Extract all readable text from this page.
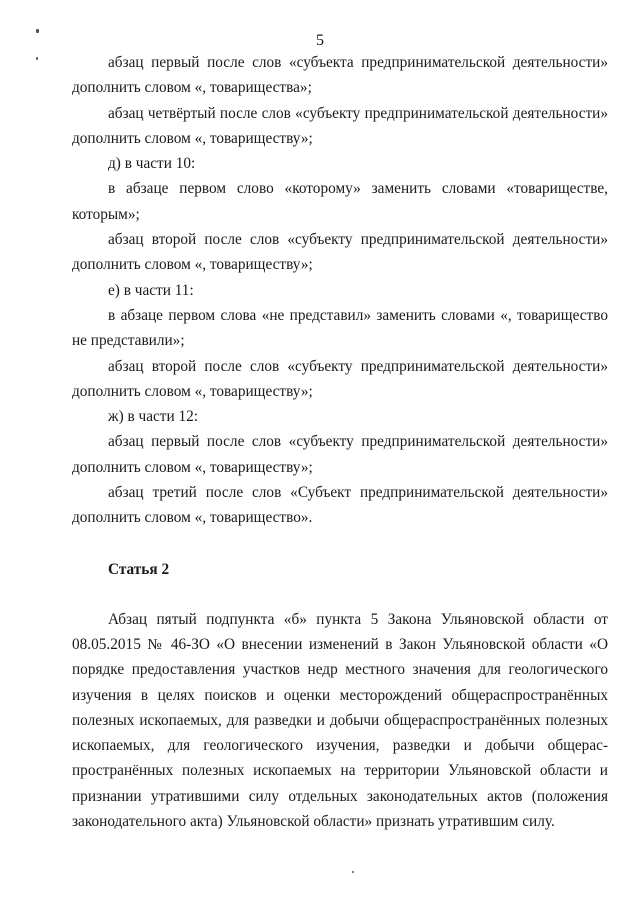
5

абзац первый после слов «субъекта предпринимательской деятельности» дополнить словом «, товарищества»;

абзац четвёртый после слов «субъекту предпринимательской деятельности» дополнить словом «, товариществу»;

д) в части 10:

в абзаце первом слово «которому» заменить словами «товариществе, которым»;

абзац второй после слов «субъекту предпринимательской деятельности» дополнить словом «, товариществу»;

е) в части 11:

в абзаце первом слова «не представил» заменить словами «, товарищество не представили»;

абзац второй после слов «субъекту предпринимательской деятельности» дополнить словом «, товариществу»;

ж) в части 12:

абзац первый после слов «субъекту предпринимательской деятельности» дополнить словом «, товариществу»;

абзац третий после слов «Субъект предпринимательской деятельности» дополнить словом «, товарищество».

Статья 2

Абзац пятый подпункта «б» пункта 5 Закона Ульяновской области от 08.05.2015 № 46-ЗО «О внесении изменений в Закон Ульяновской области «О порядке предоставления участков недр местного значения для геологического изучения в целях поисков и оценки месторождений общераспространённых полезных ископаемых, для разведки и добычи общераспространённых полезных ископаемых, для геологического изучения, разведки и добычи общерас-пространённых полезных ископаемых на территории Ульяновской области и признании утратившими силу отдельных законодательных актов (положения законодательного акта) Ульяновской области» признать утратившим силу.
